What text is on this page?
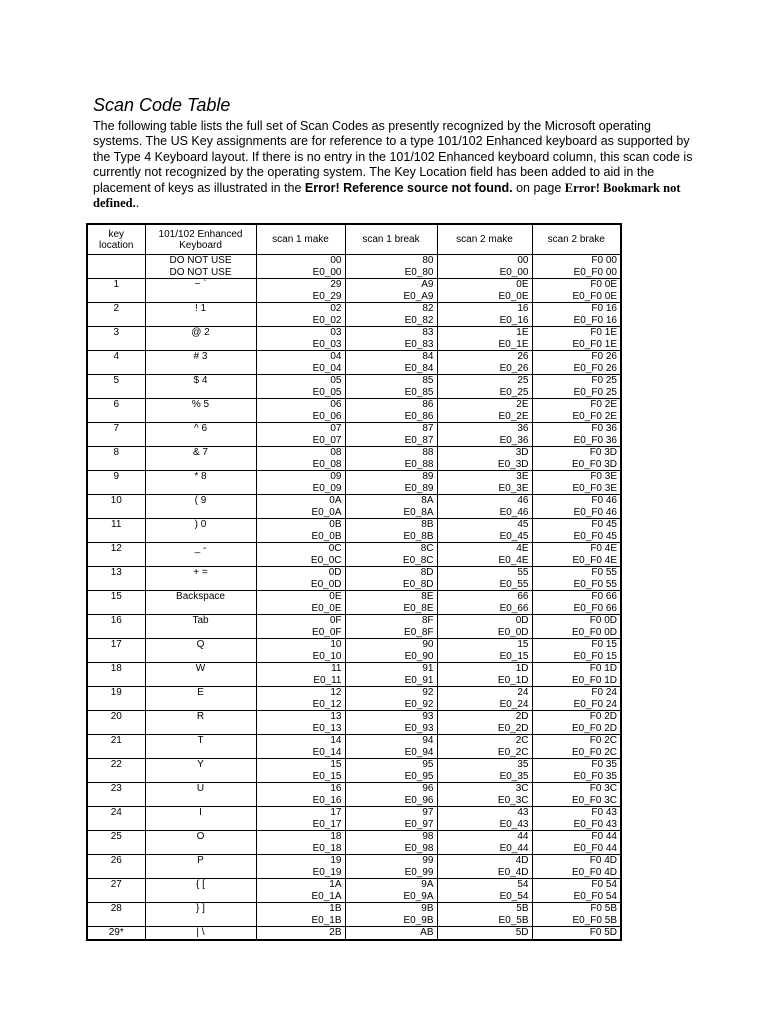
Scan Code Table
The following table lists the full set of Scan Codes as presently recognized by the Microsoft operating systems. The US Key assignments are for reference to a type 101/102 Enhanced keyboard as supported by the Type 4 Keyboard layout. If there is no entry in the 101/102 Enhanced keyboard column, this scan code is currently not recognized by the operating system. The Key Location field has been added to aid in the placement of keys as illustrated in the Error! Reference source not found. on page Error! Bookmark not defined..
key location	101/102 Enhanced Keyboard	scan 1 make	scan 1 break	scan 2 make	scan 2 brake
	DO NOT USE	00	80	00	F0 00
	DO NOT USE	E0_00	E0_80	E0_00	E0_F0 00
1	~ `	29	A9	0E	F0 0E
		E0_29	E0_A9	E0_0E	E0_F0 0E
2	! 1	02	82	16	F0 16
		E0_02	E0_82	E0_16	E0_F0 16
3	@ 2	03	83	1E	F0 1E
		E0_03	E0_83	E0_1E	E0_F0 1E
4	# 3	04	84	26	F0 26
		E0_04	E0_84	E0_26	E0_F0 26
5	$ 4	05	85	25	F0 25
		E0_05	E0_85	E0_25	E0_F0 25
6	% 5	06	86	2E	F0 2E
		E0_06	E0_86	E0_2E	E0_F0 2E
7	^ 6	07	87	36	F0 36
		E0_07	E0_87	E0_36	E0_F0 36
8	& 7	08	88	3D	F0 3D
		E0_08	E0_88	E0_3D	E0_F0 3D
9	* 8	09	89	3E	F0 3E
		E0_09	E0_89	E0_3E	E0_F0 3E
10	( 9	0A	8A	46	F0 46
		E0_0A	E0_8A	E0_46	E0_F0 46
11	) 0	0B	8B	45	F0 45
		E0_0B	E0_8B	E0_45	E0_F0 45
12	_ -	0C	8C	4E	F0 4E
		E0_0C	E0_8C	E0_4E	E0_F0 4E
13	+ =	0D	8D	55	F0 55
		E0_0D	E0_8D	E0_55	E0_F0 55
15	Backspace	0E	8E	66	F0 66
		E0_0E	E0_8E	E0_66	E0_F0 66
16	Tab	0F	8F	0D	F0 0D
		E0_0F	E0_8F	E0_0D	E0_F0 0D
17	Q	10	90	15	F0 15
		E0_10	E0_90	E0_15	E0_F0 15
18	W	11	91	1D	F0 1D
		E0_11	E0_91	E0_1D	E0_F0 1D
19	E	12	92	24	F0 24
		E0_12	E0_92	E0_24	E0_F0 24
20	R	13	93	2D	F0 2D
		E0_13	E0_93	E0_2D	E0_F0 2D
21	T	14	94	2C	F0 2C
		E0_14	E0_94	E0_2C	E0_F0 2C
22	Y	15	95	35	F0 35
		E0_15	E0_95	E0_35	E0_F0 35
23	U	16	96	3C	F0 3C
		E0_16	E0_96	E0_3C	E0_F0 3C
24	I	17	97	43	F0 43
		E0_17	E0_97	E0_43	E0_F0 43
25	O	18	98	44	F0 44
		E0_18	E0_98	E0_44	E0_F0 44
26	P	19	99	4D	F0 4D
		E0_19	E0_99	E0_4D	E0_F0 4D
27	{ [	1A	9A	54	F0 54
		E0_1A	E0_9A	E0_54	E0_F0 54
28	} ]	1B	9B	5B	F0 5B
		E0_1B	E0_9B	E0_5B	E0_F0 5B
29*	| \	2B	AB	5D	F0 5D
